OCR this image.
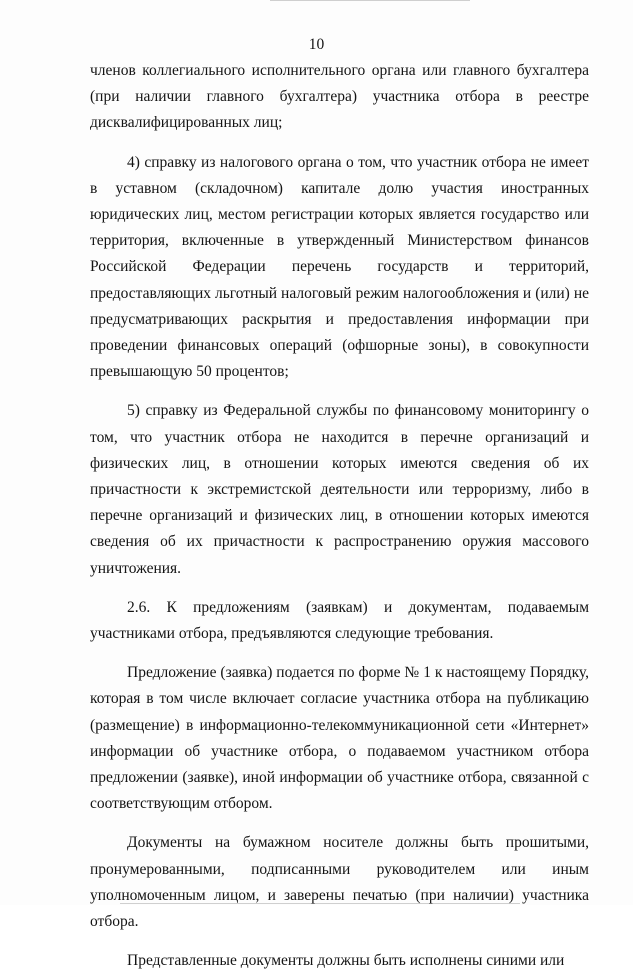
10

членов коллегиального исполнительного органа или главного бухгалтера (при наличии главного бухгалтера) участника отбора в реестре дисквалифицированных лиц;

4) справку из налогового органа о том, что участник отбора не имеет в уставном (складочном) капитале долю участия иностранных юридических лиц, местом регистрации которых является государство или территория, включенные в утвержденный Министерством финансов Российской Федерации перечень государств и территорий, предоставляющих льготный налоговый режим налогообложения и (или) не предусматривающих раскрытия и предоставления информации при проведении финансовых операций (офшорные зоны), в совокупности превышающую 50 процентов;

5) справку из Федеральной службы по финансовому мониторингу о том, что участник отбора не находится в перечне организаций и физических лиц, в отношении которых имеются сведения об их причастности к экстремистской деятельности или терроризму, либо в перечне организаций и физических лиц, в отношении которых имеются сведения об их причастности к распространению оружия массового уничтожения.

2.6. К предложениям (заявкам) и документам, подаваемым участниками отбора, предъявляются следующие требования.

Предложение (заявка) подается по форме № 1 к настоящему Порядку, которая в том числе включает согласие участника отбора на публикацию (размещение) в информационно-телекоммуникационной сети «Интернет» информации об участнике отбора, о подаваемом участником отбора предложении (заявке), иной информации об участнике отбора, связанной с соответствующим отбором.

Документы на бумажном носителе должны быть прошитыми, пронумерованными, подписанными руководителем или иным уполномоченным лицом, и заверены печатью (при наличии) участника отбора.

Представленные документы должны быть исполнены синими или
